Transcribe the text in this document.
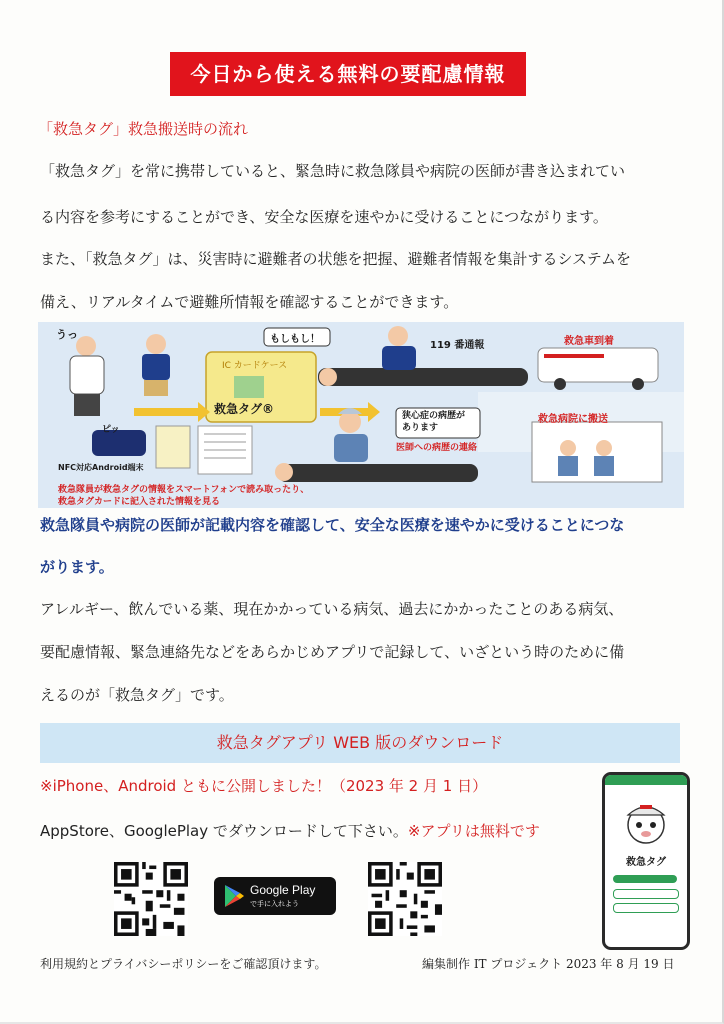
今日から使える無料の要配慮情報
「救急タグ」救急搬送時の流れ
「救急タグ」を常に携帯していると、緊急時に救急隊員や病院の医師が書き込まれてい
る内容を参考にすることができ、安全な医療を速やかに受けることにつながります。
また、「救急タグ」は、災害時に避難者の状態を把握、避難者情報を集計するシステムを
備え、リアルタイムで避難所情報を確認することができます。
うっ	もしもし！
119 番通報	救急車到着
IC カードケース
救急タグ®
ピッ
NFC対応Android端末
狭心症の病歴が
あります
医師への病歴の連絡
救急病院に搬送
救急隊員が救急タグの情報をスマートフォンで読み取ったり、
救急タグカードに記入された情報を見る
救急隊員や病院の医師が記載内容を確認して、安全な医療を速やかに受けることにつな
がります。
アレルギー、飲んでいる薬、現在かかっている病気、過去にかかったことのある病気、
要配慮情報、緊急連絡先などをあらかじめアプリで記録して、いざという時のために備
えるのが「救急タグ」です。
救急タグアプリ WEB 版のダウンロード
※iPhone、Android ともに公開しました！（2023 年 2 月 1 日）
AppStore、GooglePlay でダウンロードして下さい。※アプリは無料です
Google Play
で手に入れよう
救急タグ
利用規約とプライバシーポリシーをご確認頂けます。	編集制作 IT プロジェクト 2023 年 8 月 19 日
